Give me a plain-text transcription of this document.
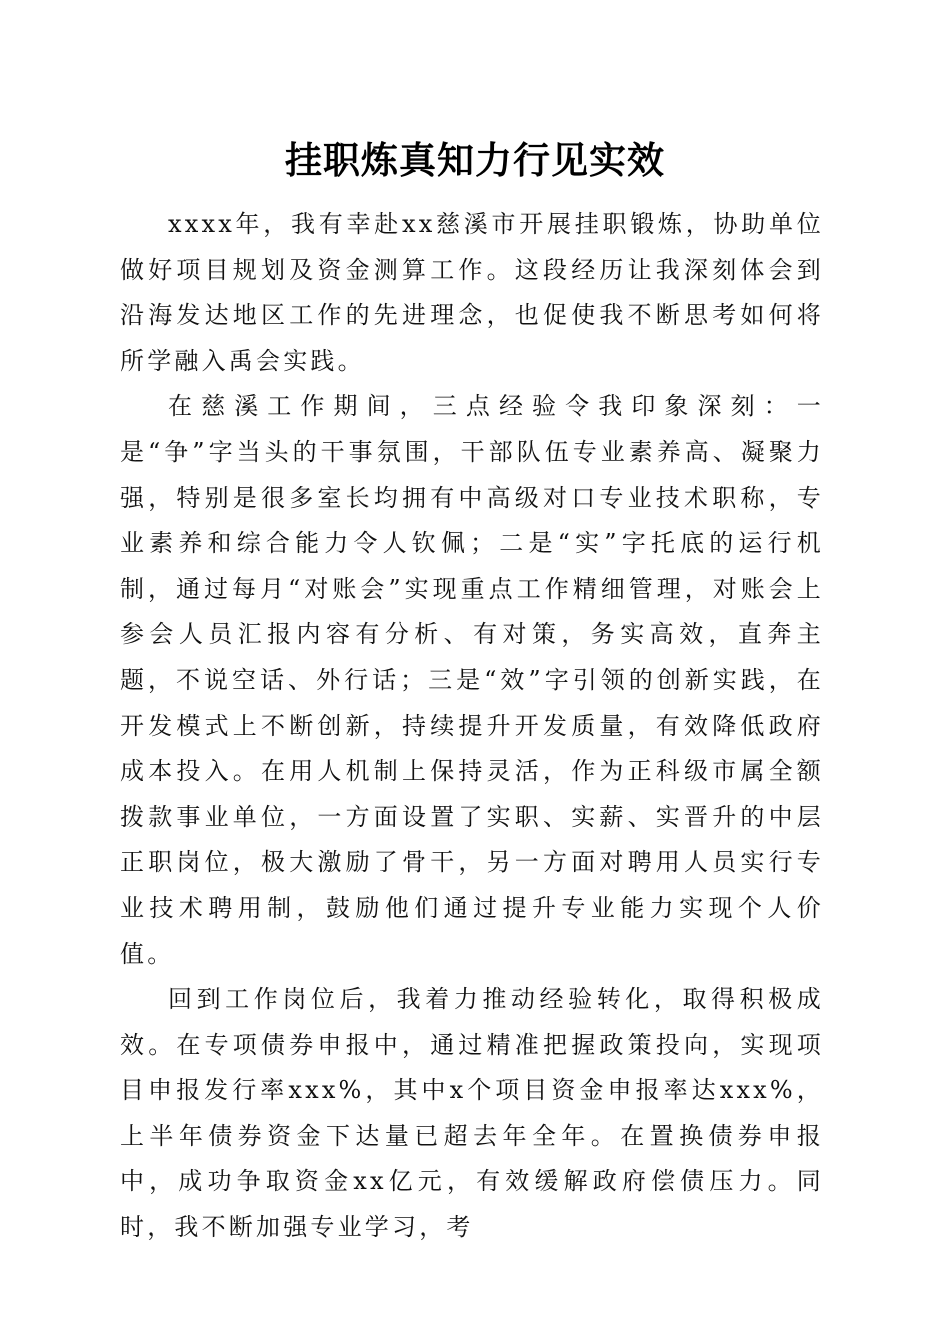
挂职炼真知力行见实效

xxxx年，我有幸赴xx慈溪市开展挂职锻炼，协助单位做好项目规划及资金测算工作。这段经历让我深刻体会到沿海发达地区工作的先进理念，也促使我不断思考如何将所学融入禹会实践。

在慈溪工作期间，三点经验令我印象深刻：一是“争”字当头的干事氛围，干部队伍专业素养高、凝聚力强，特别是很多室长均拥有中高级对口专业技术职称，专业素养和综合能力令人钦佩；二是“实”字托底的运行机制，通过每月“对账会”实现重点工作精细管理，对账会上参会人员汇报内容有分析、有对策，务实高效，直奔主题，不说空话、外行话；三是“效”字引领的创新实践，在开发模式上不断创新，持续提升开发质量，有效降低政府成本投入。在用人机制上保持灵活，作为正科级市属全额拨款事业单位，一方面设置了实职、实薪、实晋升的中层正职岗位，极大激励了骨干，另一方面对聘用人员实行专业技术聘用制，鼓励他们通过提升专业能力实现个人价值。

回到工作岗位后，我着力推动经验转化，取得积极成效。在专项债券申报中，通过精准把握政策投向，实现项目申报发行率xxx%，其中x个项目资金申报率达xxx%，上半年债券资金下达量已超去年全年。在置换债券申报中，成功争取资金xx亿元，有效缓解政府偿债压力。同时，我不断加强专业学习，考
